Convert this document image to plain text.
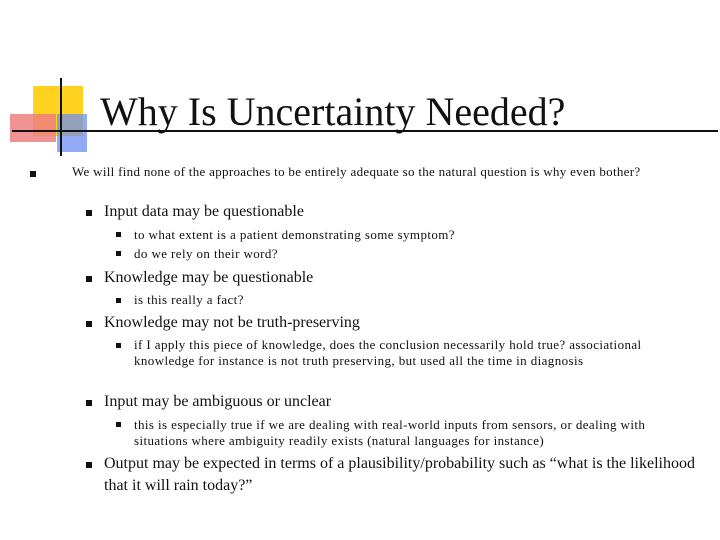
Why Is Uncertainty Needed?
We will find none of the approaches to be entirely adequate so the natural question is why even bother?
Input data may be questionable
to what extent is a patient demonstrating some symptom?
do we rely on their word?
Knowledge may be questionable
is this really a fact?
Knowledge may not be truth-preserving
if I apply this piece of knowledge, does the conclusion necessarily hold true? associational knowledge for instance is not truth preserving, but used all the time in diagnosis
Input may be ambiguous or unclear
this is especially true if we are dealing with real-world inputs from sensors, or dealing with situations where ambiguity readily exists (natural languages for instance)
Output may be expected in terms of a plausibility/probability such as “what is the likelihood that it will rain today?”
